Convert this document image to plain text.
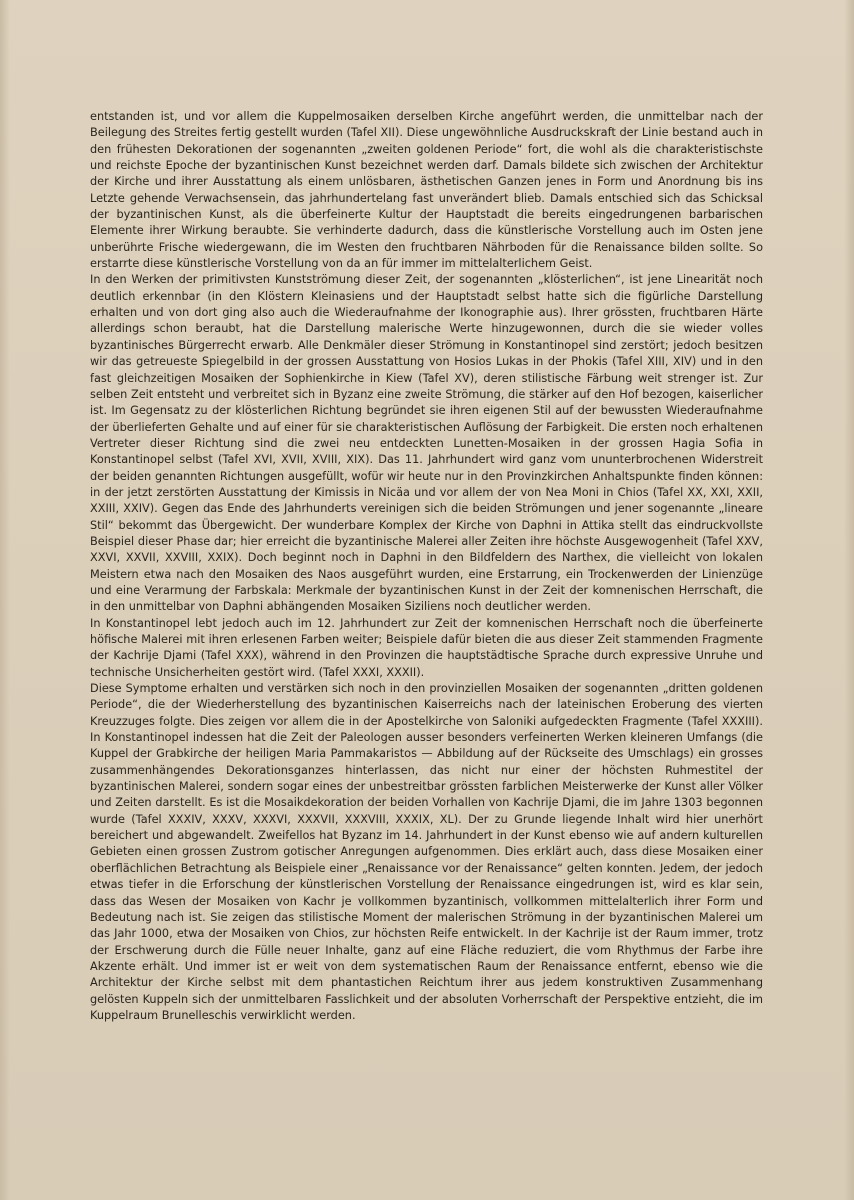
entstanden ist, und vor allem die Kuppelmosaiken derselben Kirche angeführt werden, die unmittelbar nach der Beilegung des Streites fertig gestellt wurden (Tafel XII). Diese ungewöhnliche Ausdruckskraft der Linie bestand auch in den frühesten Dekorationen der sogenannten „zweiten goldenen Periode“ fort, die wohl als die charakteristischste und reichste Epoche der byzantinischen Kunst bezeichnet werden darf. Damals bildete sich zwischen der Architektur der Kirche und ihrer Ausstattung als einem unlösbaren, ästhetischen Ganzen jenes in Form und Anordnung bis ins Letzte gehende Verwachsensein, das jahrhundertelang fast unverändert blieb. Damals entschied sich das Schicksal der byzantinischen Kunst, als die überfeinerte Kultur der Hauptstadt die bereits eingedrungenen barbarischen Elemente ihrer Wirkung beraubte. Sie verhinderte dadurch, dass die künstlerische Vorstellung auch im Osten jene unberührte Frische wiedergewann, die im Westen den fruchtbaren Nährboden für die Renaissance bilden sollte. So erstarrte diese künstlerische Vorstellung von da an für immer im mittelalterlichem Geist.

In den Werken der primitivsten Kunstströmung dieser Zeit, der sogenannten „klösterlichen“, ist jene Linearität noch deutlich erkennbar (in den Klöstern Kleinasiens und der Hauptstadt selbst hatte sich die figürliche Darstellung erhalten und von dort ging also auch die Wiederaufnahme der Ikonographie aus). Ihrer grössten, fruchtbaren Härte allerdings schon beraubt, hat die Darstellung malerische Werte hinzugewonnen, durch die sie wieder volles byzantinisches Bürgerrecht erwarb. Alle Denkmäler dieser Strömung in Konstantinopel sind zerstört; jedoch besitzen wir das getreueste Spiegelbild in der grossen Ausstattung von Hosios Lukas in der Phokis (Tafel XIII, XIV) und in den fast gleichzeitigen Mosaiken der Sophienkirche in Kiew (Tafel XV), deren stilistische Färbung weit strenger ist. Zur selben Zeit entsteht und verbreitet sich in Byzanz eine zweite Strömung, die stärker auf den Hof bezogen, kaiserlicher ist. Im Gegensatz zu der klösterlichen Richtung begründet sie ihren eigenen Stil auf der bewussten Wiederaufnahme der überlieferten Gehalte und auf einer für sie charakteristischen Auflösung der Farbigkeit. Die ersten noch erhaltenen Vertreter dieser Richtung sind die zwei neu entdeckten Lunetten-Mosaiken in der grossen Hagia Sofia in Konstantinopel selbst (Tafel XVI, XVII, XVIII, XIX). Das 11. Jahrhundert wird ganz vom ununterbrochenen Widerstreit der beiden genannten Richtungen ausgefüllt, wofür wir heute nur in den Provinzkirchen Anhaltspunkte finden können: in der jetzt zerstörten Ausstattung der Kimissis in Nicäa und vor allem der von Nea Moni in Chios (Tafel XX, XXI, XXII, XXIII, XXIV). Gegen das Ende des Jahrhunderts vereinigen sich die beiden Strömungen und jener sogenannte „lineare Stil“ bekommt das Übergewicht. Der wunderbare Komplex der Kirche von Daphni in Attika stellt das eindruckvollste Beispiel dieser Phase dar; hier erreicht die byzantinische Malerei aller Zeiten ihre höchste Ausgewogenheit (Tafel XXV, XXVI, XXVII, XXVIII, XXIX). Doch beginnt noch in Daphni in den Bildfeldern des Narthex, die vielleicht von lokalen Meistern etwa nach den Mosaiken des Naos ausgeführt wurden, eine Erstarrung, ein Trockenwerden der Linienzüge und eine Verarmung der Farbskala: Merkmale der byzantinischen Kunst in der Zeit der komnenischen Herrschaft, die in den unmittelbar von Daphni abhängenden Mosaiken Siziliens noch deutlicher werden.

In Konstantinopel lebt jedoch auch im 12. Jahrhundert zur Zeit der komnenischen Herrschaft noch die überfeinerte höfische Malerei mit ihren erlesenen Farben weiter; Beispiele dafür bieten die aus dieser Zeit stammenden Fragmente der Kachrije Djami (Tafel XXX), während in den Provinzen die hauptstädtische Sprache durch expressive Unruhe und technische Unsicherheiten gestört wird. (Tafel XXXI, XXXII).

Diese Symptome erhalten und verstärken sich noch in den provinziellen Mosaiken der sogenannten „dritten goldenen Periode“, die der Wiederherstellung des byzantinischen Kaiserreichs nach der lateinischen Eroberung des vierten Kreuzzuges folgte. Dies zeigen vor allem die in der Apostelkirche von Saloniki aufgedeckten Fragmente (Tafel XXXIII). In Konstantinopel indessen hat die Zeit der Paleologen ausser besonders verfeinerten Werken kleineren Umfangs (die Kuppel der Grabkirche der heiligen Maria Pammakaristos — Abbildung auf der Rückseite des Umschlags) ein grosses zusammenhängendes Dekorationsganzes hinterlassen, das nicht nur einer der höchsten Ruhmestitel der byzantinischen Malerei, sondern sogar eines der unbestreitbar grössten farblichen Meisterwerke der Kunst aller Völker und Zeiten darstellt. Es ist die Mosaikdekoration der beiden Vorhallen von Kachrije Djami, die im Jahre 1303 begonnen wurde (Tafel XXXIV, XXXV, XXXVI, XXXVII, XXXVIII, XXXIX, XL). Der zu Grunde liegende Inhalt wird hier unerhört bereichert und abgewandelt. Zweifellos hat Byzanz im 14. Jahrhundert in der Kunst ebenso wie auf andern kulturellen Gebieten einen grossen Zustrom gotischer Anregungen aufgenommen. Dies erklärt auch, dass diese Mosaiken einer oberflächlichen Betrachtung als Beispiele einer „Renaissance vor der Renaissance“ gelten konnten. Jedem, der jedoch etwas tiefer in die Erforschung der künstlerischen Vorstellung der Renaissance eingedrungen ist, wird es klar sein, dass das Wesen der Mosaiken von Kachr je vollkommen byzantinisch, vollkommen mittelalterlich ihrer Form und Bedeutung nach ist. Sie zeigen das stilistische Moment der malerischen Strömung in der byzantinischen Malerei um das Jahr 1000, etwa der Mosaiken von Chios, zur höchsten Reife entwickelt. In der Kachrije ist der Raum immer, trotz der Erschwerung durch die Fülle neuer Inhalte, ganz auf eine Fläche reduziert, die vom Rhythmus der Farbe ihre Akzente erhält. Und immer ist er weit von dem systematischen Raum der Renaissance entfernt, ebenso wie die Architektur der Kirche selbst mit dem phantastichen Reichtum ihrer aus jedem konstruktiven Zusammenhang gelösten Kuppeln sich der unmittelbaren Fasslichkeit und der absoluten Vorherrschaft der Perspektive entzieht, die im Kuppelraum Brunelleschis verwirklicht werden.
